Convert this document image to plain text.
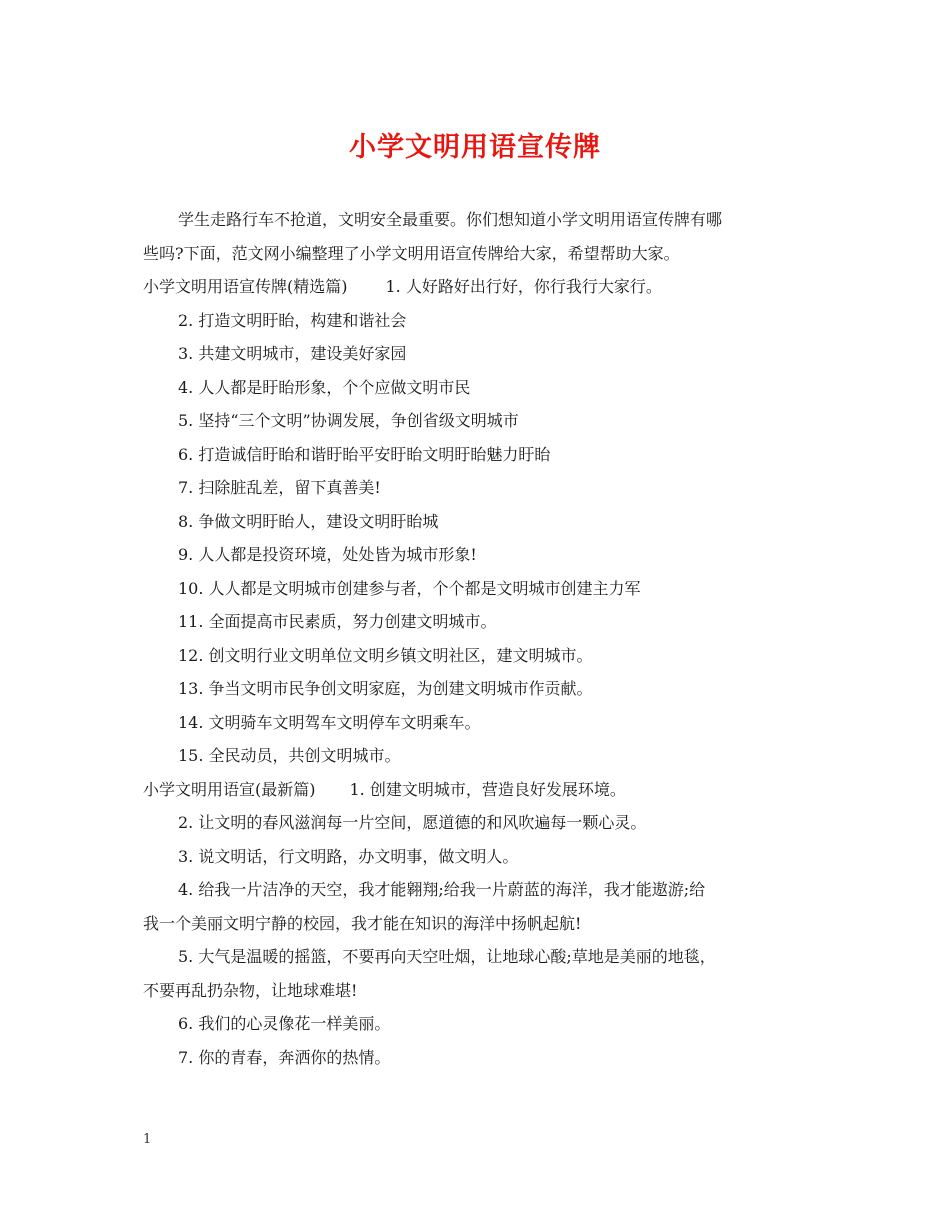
小学文明用语宣传牌
学生走路行车不抢道，文明安全最重要。你们想知道小学文明用语宣传牌有哪
些吗?下面，范文网小编整理了小学文明用语宣传牌给大家，希望帮助大家。
小学文明用语宣传牌(精选篇) 1. 人好路好出行好，你行我行大家行。
2. 打造文明盱眙，构建和谐社会
3. 共建文明城市，建设美好家园
4. 人人都是盱眙形象，个个应做文明市民
5. 坚持“三个文明”协调发展，争创省级文明城市
6. 打造诚信盱眙和谐盱眙平安盱眙文明盱眙魅力盱眙
7. 扫除脏乱差，留下真善美!
8. 争做文明盱眙人，建设文明盱眙城
9. 人人都是投资环境，处处皆为城市形象!
10. 人人都是文明城市创建参与者，个个都是文明城市创建主力军
11. 全面提高市民素质，努力创建文明城市。
12. 创文明行业文明单位文明乡镇文明社区，建文明城市。
13. 争当文明市民争创文明家庭，为创建文明城市作贡献。
14. 文明骑车文明驾车文明停车文明乘车。
15. 全民动员，共创文明城市。
小学文明用语宣(最新篇) 1. 创建文明城市，营造良好发展环境。
2. 让文明的春风滋润每一片空间，愿道德的和风吹遍每一颗心灵。
3. 说文明话，行文明路，办文明事，做文明人。
4. 给我一片洁净的天空，我才能翱翔;给我一片蔚蓝的海洋，我才能遨游;给
我一个美丽文明宁静的校园，我才能在知识的海洋中扬帆起航!
5. 大气是温暖的摇篮，不要再向天空吐烟，让地球心酸;草地是美丽的地毯，
不要再乱扔杂物，让地球难堪!
6. 我们的心灵像花一样美丽。
7. 你的青春，奔洒你的热情。
1
